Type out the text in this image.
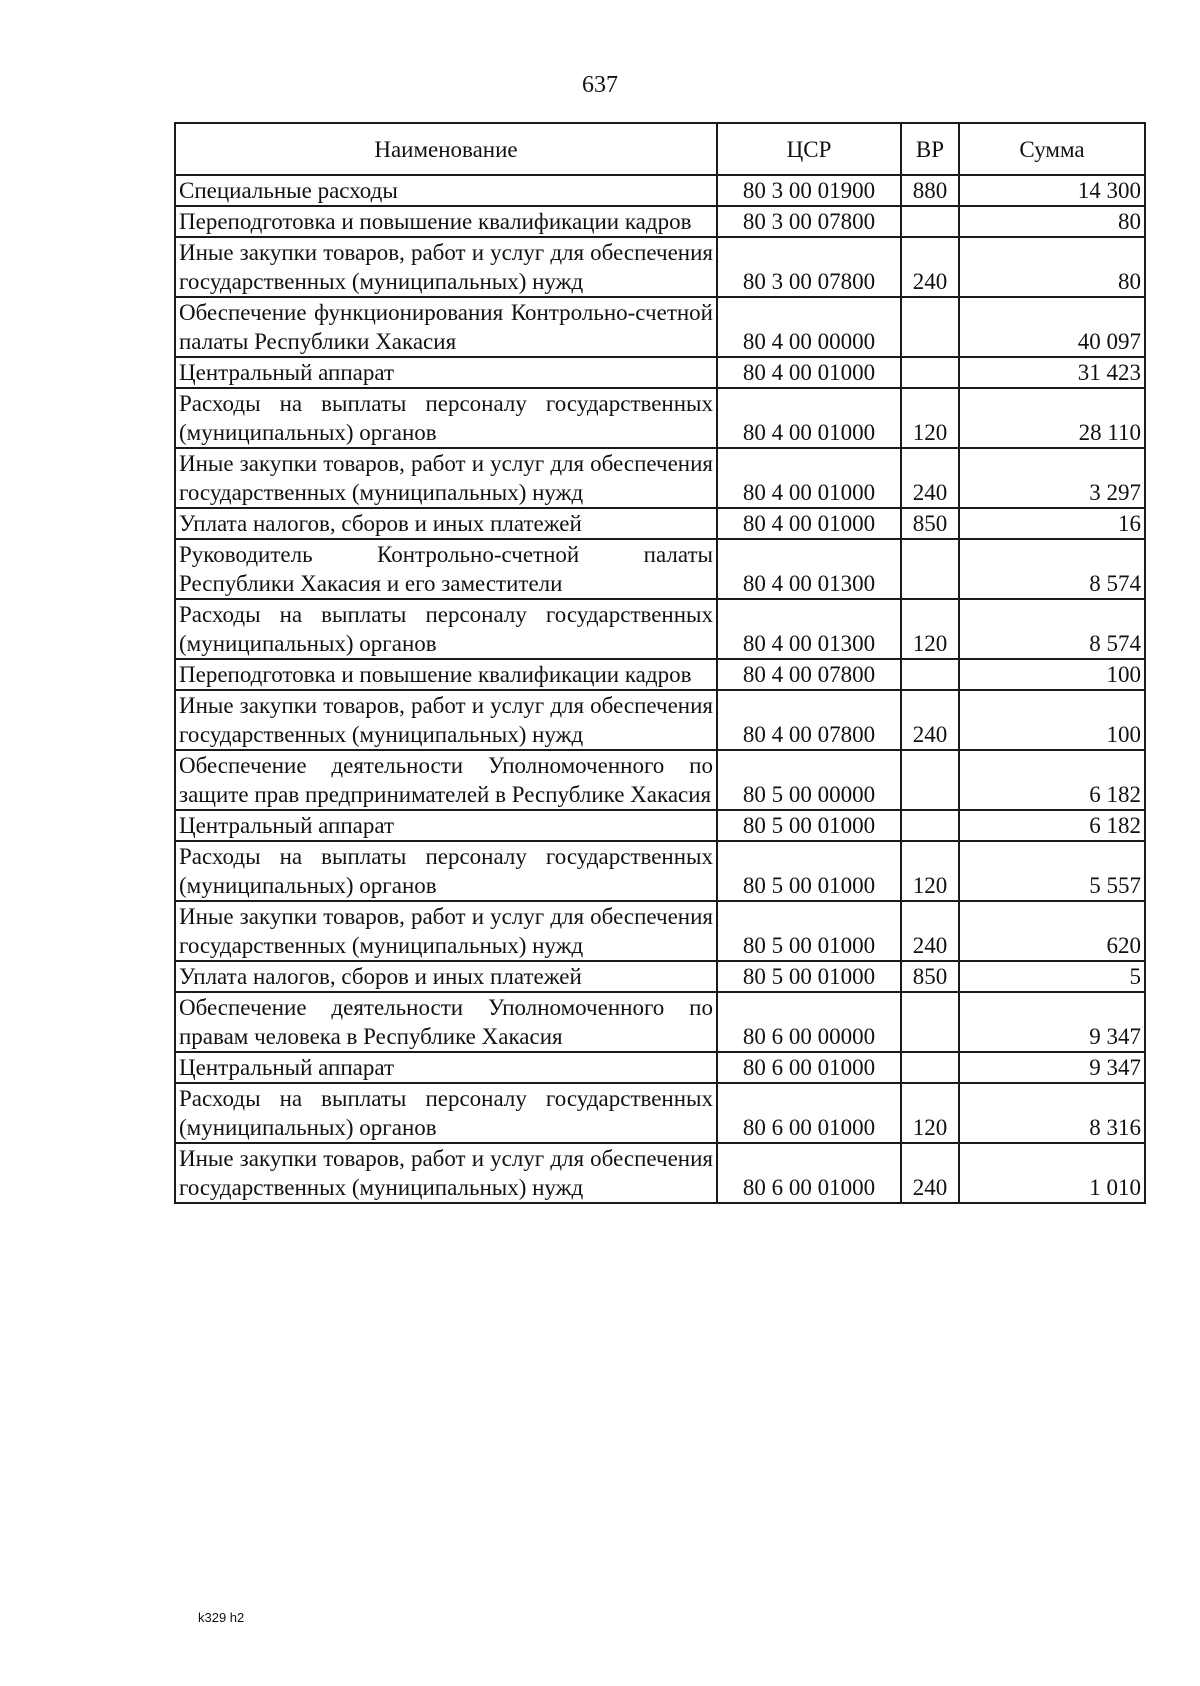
637
Наименование	ЦСР	ВР	Сумма
Специальные расходы	80 3 00 01900	880	14 300
Переподготовка и повышение квалификации кадров	80 3 00 07800		80
Иные закупки товаров, работ и услуг для обеспечения государственных (муниципальных) нужд	80 3 00 07800	240	80
Обеспечение функционирования Контрольно-счетной палаты Республики Хакасия	80 4 00 00000		40 097
Центральный аппарат	80 4 00 01000		31 423
Расходы на выплаты персоналу государственных (муниципальных) органов	80 4 00 01000	120	28 110
Иные закупки товаров, работ и услуг для обеспечения государственных (муниципальных) нужд	80 4 00 01000	240	3 297
Уплата налогов, сборов и иных платежей	80 4 00 01000	850	16
Руководитель Контрольно-счетной палаты Республики Хакасия и его заместители	80 4 00 01300		8 574
Расходы на выплаты персоналу государственных (муниципальных) органов	80 4 00 01300	120	8 574
Переподготовка и повышение квалификации кадров	80 4 00 07800		100
Иные закупки товаров, работ и услуг для обеспечения государственных (муниципальных) нужд	80 4 00 07800	240	100
Обеспечение деятельности Уполномоченного по защите прав предпринимателей в Республике Хакасия	80 5 00 00000		6 182
Центральный аппарат	80 5 00 01000		6 182
Расходы на выплаты персоналу государственных (муниципальных) органов	80 5 00 01000	120	5 557
Иные закупки товаров, работ и услуг для обеспечения государственных (муниципальных) нужд	80 5 00 01000	240	620
Уплата налогов, сборов и иных платежей	80 5 00 01000	850	5
Обеспечение деятельности Уполномоченного по правам человека в Республике Хакасия	80 6 00 00000		9 347
Центральный аппарат	80 6 00 01000		9 347
Расходы на выплаты персоналу государственных (муниципальных) органов	80 6 00 01000	120	8 316
Иные закупки товаров, работ и услуг для обеспечения государственных (муниципальных) нужд	80 6 00 01000	240	1 010
k329 h2
